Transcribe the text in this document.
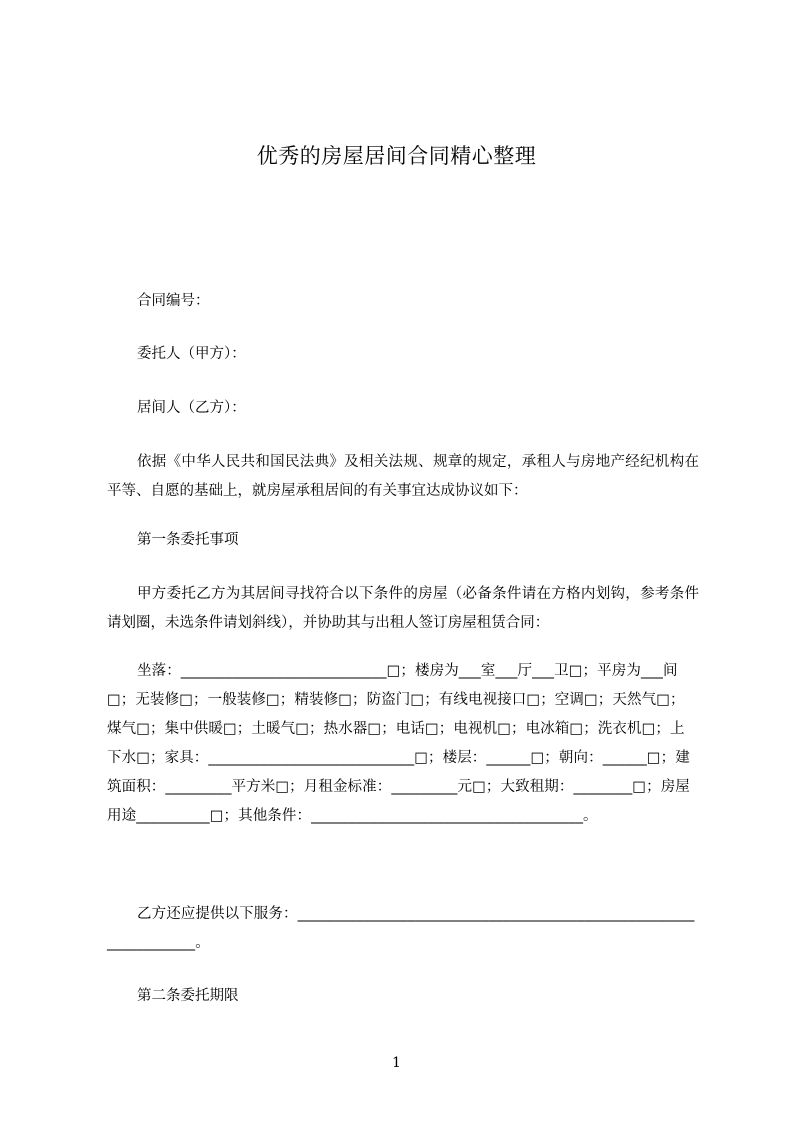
优秀的房屋居间合同精心整理
合同编号：
委托人（甲方）：
居间人（乙方）：
依据《中华人民共和国民法典》及相关法规、规章的规定，承租人与房地产经纪机构在平等、自愿的基础上，就房屋承租居间的有关事宜达成协议如下：
第一条委托事项
甲方委托乙方为其居间寻找符合以下条件的房屋（必备条件请在方格内划钩，参考条件请划圈，未选条件请划斜线），并协助其与出租人签订房屋租赁合同：
坐落：____________________________□；楼房为___室___厅___卫□；平房为___间□；无装修□；一般装修□；精装修□；防盗门□；有线电视接口□；空调□；天然气□；煤气□；集中供暖□；土暖气□；热水器□；电话□；电视机□；电冰箱□；洗衣机□；上下水□；家具：____________________________□；楼层：______□；朝向：______□；建筑面积：_________平方米□；月租金标准：_________元□；大致租期：________□；房屋用途__________□；其他条件：_____________________________________。
乙方还应提供以下服务：__________________________________________________________________。
第二条委托期限
1
